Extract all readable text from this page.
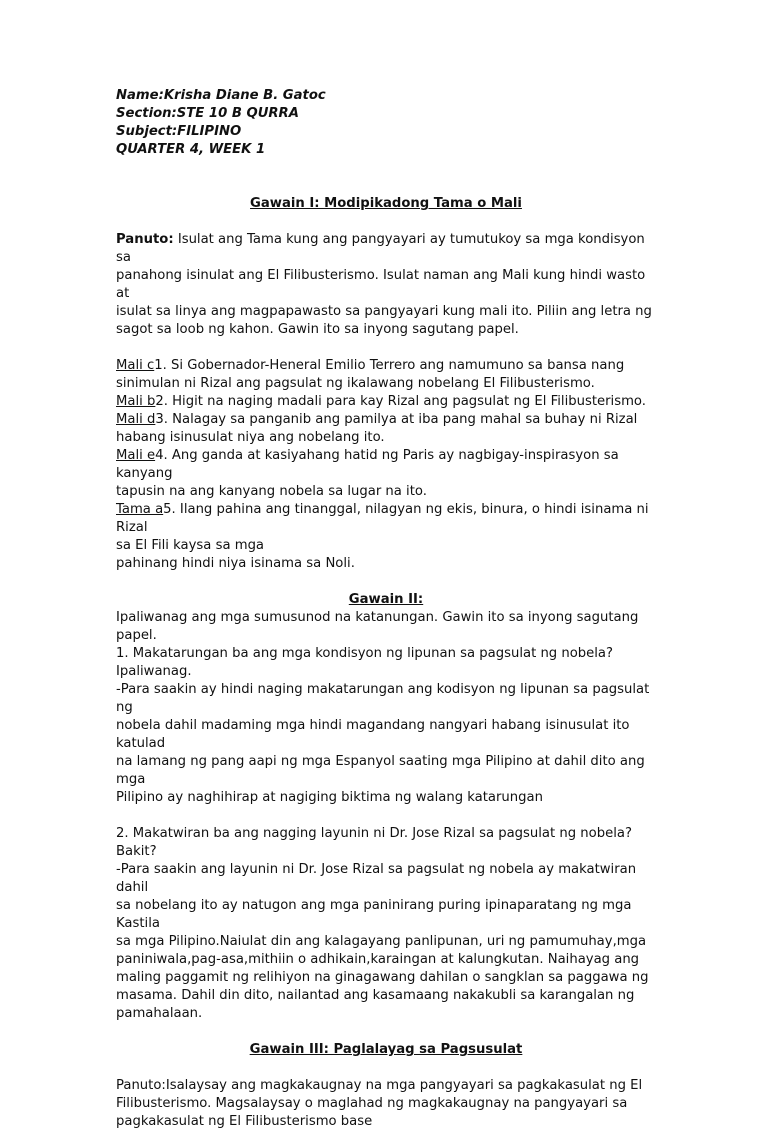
Name:Krisha Diane B. Gatoc
Section:STE 10 B QURRA
Subject:FILIPINO
QUARTER 4, WEEK 1
Gawain I: Modipikadong Tama o Mali

Panuto: Isulat ang Tama kung ang pangyayari ay tumutukoy sa mga kondisyon sa
panahong isinulat ang El Filibusterismo. Isulat naman ang Mali kung hindi wasto at
isulat sa linya ang magpapawasto sa pangyayari kung mali ito. Piliin ang letra ng
sagot sa loob ng kahon. Gawin ito sa inyong sagutang papel.

Mali c1. Si Gobernador-Heneral Emilio Terrero ang namumuno sa bansa nang
sinimulan ni Rizal ang pagsulat ng ikalawang nobelang El Filibusterismo.

Mali b2. Higit na naging madali para kay Rizal ang pagsulat ng El Filibusterismo.

Mali d3. Nalagay sa panganib ang pamilya at iba pang mahal sa buhay ni Rizal
habang isinusulat niya ang nobelang ito.

Mali e4. Ang ganda at kasiyahang hatid ng Paris ay nagbigay-inspirasyon sa kanyang
tapusin na ang kanyang nobela sa lugar na ito.

Tama a5. Ilang pahina ang tinanggal, nilagyan ng ekis, binura, o hindi isinama ni Rizal
sa El Fili kaysa sa mga
pahinang hindi niya isinama sa Noli.

Gawain II:

Ipaliwanag ang mga sumusunod na katanungan. Gawin ito sa inyong sagutang papel.

1. Makatarungan ba ang mga kondisyon ng lipunan sa pagsulat ng nobela?
Ipaliwanag.

-Para saakin ay hindi naging makatarungan ang kodisyon ng lipunan sa pagsulat ng
nobela dahil madaming mga hindi magandang nangyari habang isinusulat ito katulad
na lamang ng pang aapi ng mga Espanyol saating mga Pilipino at dahil dito ang mga
Pilipino ay naghihirap at nagiging biktima ng walang katarungan

2. Makatwiran ba ang nagging layunin ni Dr. Jose Rizal sa pagsulat ng nobela?Bakit?

-Para saakin ang layunin ni Dr. Jose Rizal sa pagsulat ng nobela ay makatwiran dahil
sa nobelang ito ay natugon ang mga paninirang puring ipinaparatang ng mga Kastila
sa mga Pilipino.Naiulat din ang kalagayang panlipunan, uri ng pamumuhay,mga
paniniwala,pag-asa,mithiin o adhikain,karaingan at kalungkutan. Naihayag ang
maling paggamit ng relihiyon na ginagawang dahilan o sangklan sa paggawa ng
masama. Dahil din dito, nailantad ang kasamaang nakakubli sa karangalan ng
pamahalaan.

Gawain III: Paglalayag sa Pagsusulat

Panuto:Isalaysay ang magkakaugnay na mga pangyayari sa pagkakasulat ng El
Filibusterismo. Magsalaysay o maglahad ng magkakaugnay na pangyayari sa
pagkakasulat ng El Filibusterismo base
